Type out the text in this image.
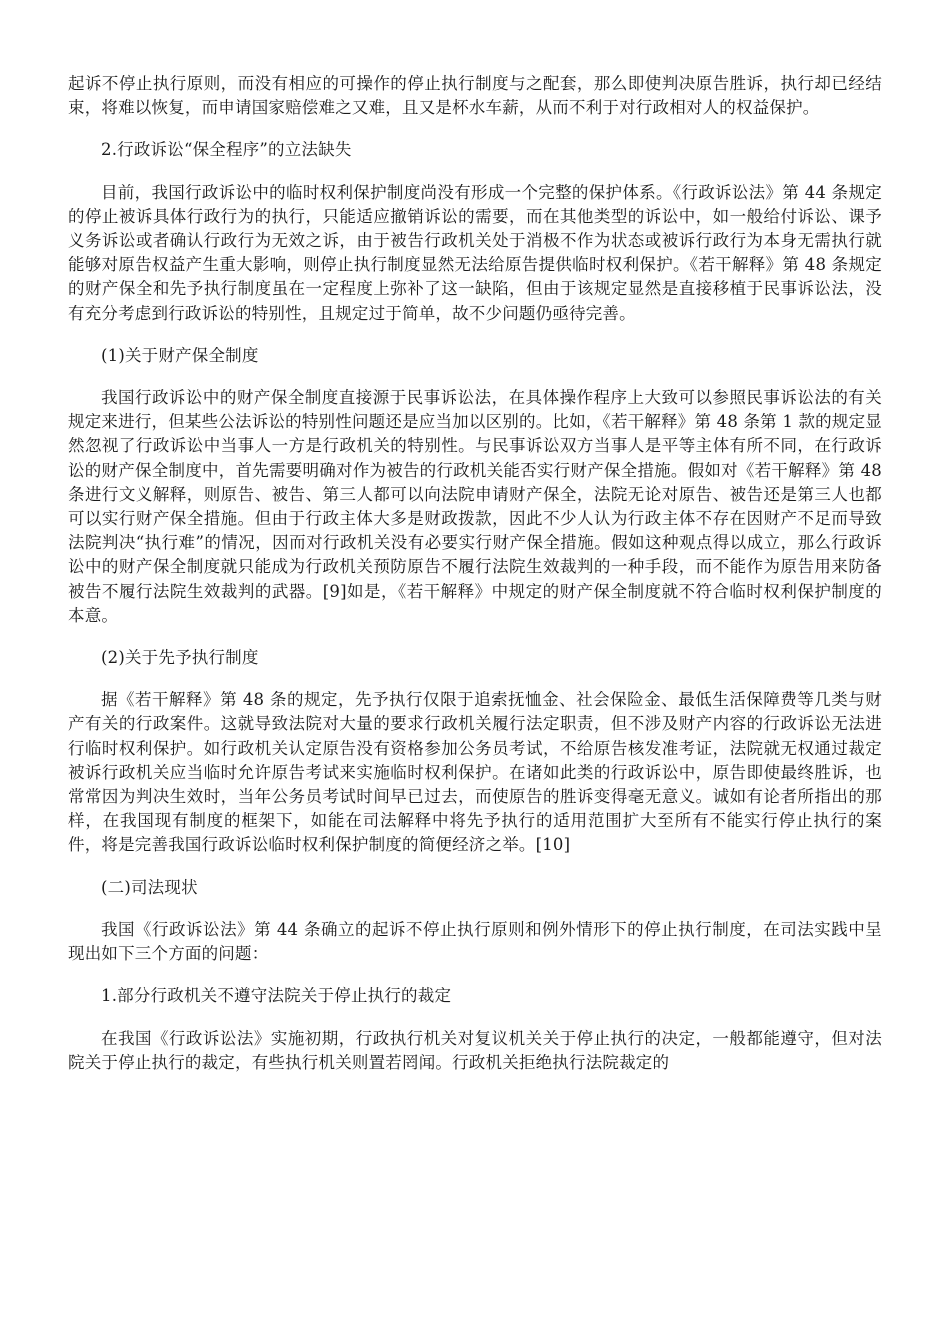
起诉不停止执行原则，而没有相应的可操作的停止执行制度与之配套，那么即使判决原告胜诉，执行却已经结束，将难以恢复，而申请国家赔偿难之又难，且又是杯水车薪，从而不利于对行政相对人的权益保护。

2.行政诉讼“保全程序”的立法缺失

目前，我国行政诉讼中的临时权利保护制度尚没有形成一个完整的保护体系。《行政诉讼法》第 44 条规定的停止被诉具体行政行为的执行，只能适应撤销诉讼的需要，而在其他类型的诉讼中，如一般给付诉讼、课予义务诉讼或者确认行政行为无效之诉，由于被告行政机关处于消极不作为状态或被诉行政行为本身无需执行就能够对原告权益产生重大影响，则停止执行制度显然无法给原告提供临时权利保护。《若干解释》第 48 条规定的财产保全和先予执行制度虽在一定程度上弥补了这一缺陷，但由于该规定显然是直接移植于民事诉讼法，没有充分考虑到行政诉讼的特别性，且规定过于简单，故不少问题仍亟待完善。

(1)关于财产保全制度

我国行政诉讼中的财产保全制度直接源于民事诉讼法，在具体操作程序上大致可以参照民事诉讼法的有关规定来进行，但某些公法诉讼的特别性问题还是应当加以区别的。比如，《若干解释》第 48 条第 1 款的规定显然忽视了行政诉讼中当事人一方是行政机关的特别性。与民事诉讼双方当事人是平等主体有所不同，在行政诉讼的财产保全制度中，首先需要明确对作为被告的行政机关能否实行财产保全措施。假如对《若干解释》第 48 条进行文义解释，则原告、被告、第三人都可以向法院申请财产保全，法院无论对原告、被告还是第三人也都可以实行财产保全措施。但由于行政主体大多是财政拨款，因此不少人认为行政主体不存在因财产不足而导致法院判决“执行难”的情况，因而对行政机关没有必要实行财产保全措施。假如这种观点得以成立，那么行政诉讼中的财产保全制度就只能成为行政机关预防原告不履行法院生效裁判的一种手段，而不能作为原告用来防备被告不履行法院生效裁判的武器。[9]如是，《若干解释》中规定的财产保全制度就不符合临时权利保护制度的本意。

(2)关于先予执行制度

据《若干解释》第 48 条的规定，先予执行仅限于追索抚恤金、社会保险金、最低生活保障费等几类与财产有关的行政案件。这就导致法院对大量的要求行政机关履行法定职责，但不涉及财产内容的行政诉讼无法进行临时权利保护。如行政机关认定原告没有资格参加公务员考试，不给原告核发准考证，法院就无权通过裁定被诉行政机关应当临时允许原告考试来实施临时权利保护。在诸如此类的行政诉讼中，原告即使最终胜诉，也常常因为判决生效时，当年公务员考试时间早已过去，而使原告的胜诉变得毫无意义。诚如有论者所指出的那样，在我国现有制度的框架下，如能在司法解释中将先予执行的适用范围扩大至所有不能实行停止执行的案件，将是完善我国行政诉讼临时权利保护制度的简便经济之举。[10]

(二)司法现状

我国《行政诉讼法》第 44 条确立的起诉不停止执行原则和例外情形下的停止执行制度，在司法实践中呈现出如下三个方面的问题：

1.部分行政机关不遵守法院关于停止执行的裁定

在我国《行政诉讼法》实施初期，行政执行机关对复议机关关于停止执行的决定，一般都能遵守，但对法院关于停止执行的裁定，有些执行机关则置若罔闻。行政机关拒绝执行法院裁定的
